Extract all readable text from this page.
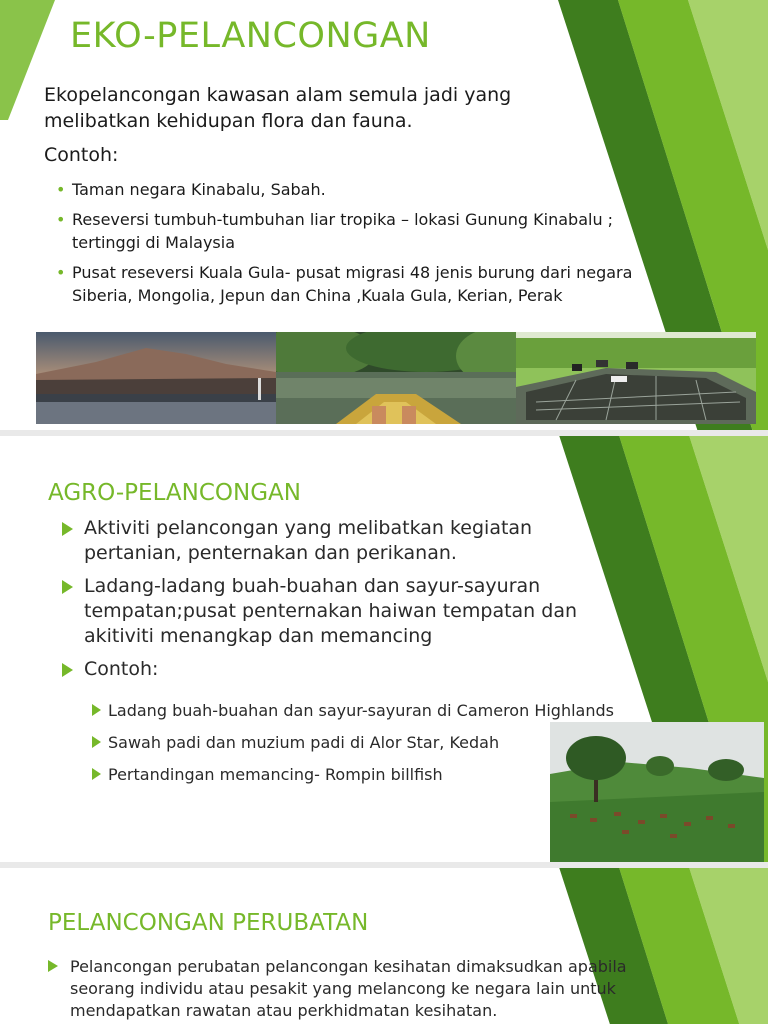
EKO-PELANCONGAN

Ekopelancongan kawasan alam semula jadi yang melibatkan kehidupan flora dan fauna.

Contoh:

• Taman negara Kinabalu, Sabah.
• Reseversi tumbuh-tumbuhan liar tropika – lokasi Gunung Kinabalu ; tertinggi di Malaysia
• Pusat reseversi Kuala Gula- pusat migrasi 48 jenis burung dari negara Siberia, Mongolia, Jepun dan China ,Kuala Gula, Kerian, Perak
AGRO-PELANCONGAN
Aktiviti pelancongan yang melibatkan kegiatan pertanian, penternakan dan perikanan.
Ladang-ladang buah-buahan dan sayur-sayuran tempatan;pusat penternakan haiwan tempatan dan akitiviti menangkap dan memancing
Contoh:
Ladang buah-buahan dan sayur-sayuran di Cameron Highlands
Sawah padi dan muzium padi di Alor Star, Kedah
Pertandingan memancing- Rompin billfish
PELANCONGAN PERUBATAN

Pelancongan perubatan pelancongan kesihatan dimaksudkan apabila seorang individu atau pesakit yang melancong ke negara lain untuk mendapatkan rawatan atau perkhidmatan kesihatan.
